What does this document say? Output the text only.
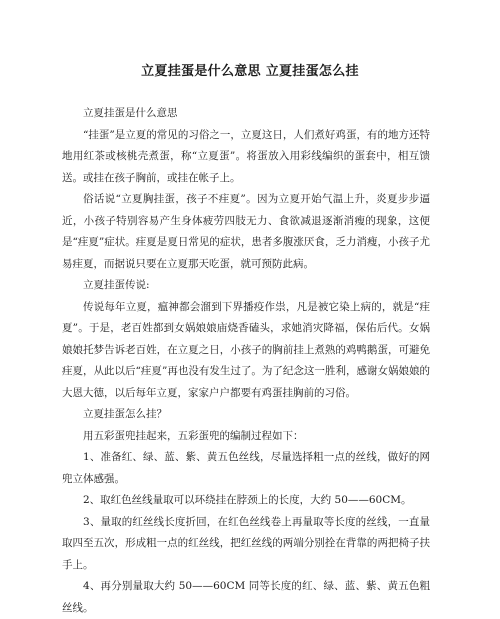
立夏挂蛋是什么意思 立夏挂蛋怎么挂

立夏挂蛋是什么意思

“挂蛋”是立夏的常见的习俗之一，立夏这日，人们煮好鸡蛋，有的地方还特地用红茶或核桃壳煮蛋，称“立夏蛋”。将蛋放入用彩线编织的蛋套中，相互馈送。或挂在孩子胸前，或挂在帐子上。

俗话说“立夏胸挂蛋，孩子不疰夏”。因为立夏开始气温上升，炎夏步步逼近，小孩子特别容易产生身体疲劳四肢无力、食欲减退逐渐消瘦的现象，这便是“疰夏”症状。疰夏是夏日常见的症状，患者多腹涨厌食，乏力消瘦，小孩子尤易疰夏，而据说只要在立夏那天吃蛋，就可预防此病。

立夏挂蛋传说:

传说每年立夏，瘟神都会溜到下界播疫作祟，凡是被它染上病的，就是“疰夏”。于是，老百姓都到女娲娘娘庙烧香磕头，求她消灾降福，保佑后代。女娲娘娘托梦告诉老百姓，在立夏之日，小孩子的胸前挂上煮熟的鸡鸭鹅蛋，可避免疰夏，从此以后“疰夏”再也没有发生过了。为了纪念这一胜利，感谢女娲娘娘的大恩大德，以后每年立夏，家家户户都要有鸡蛋挂胸前的习俗。

立夏挂蛋怎么挂？

用五彩蛋兜挂起来，五彩蛋兜的编制过程如下：

1、准备红、绿、蓝、紫、黄五色丝线，尽量选择粗一点的丝线，做好的网兜立体感强。

2、取红色丝线量取可以环绕挂在脖颈上的长度，大约 50——60CM。

3、量取的红丝线长度折回，在红色丝线卷上再量取等长度的丝线，一直量取四至五次，形成粗一点的红丝线，把红丝线的两端分别拴在背靠的两把椅子扶手上。

4、再分别量取大约 50——60CM 同等长度的红、绿、蓝、紫、黄五色粗丝线。
